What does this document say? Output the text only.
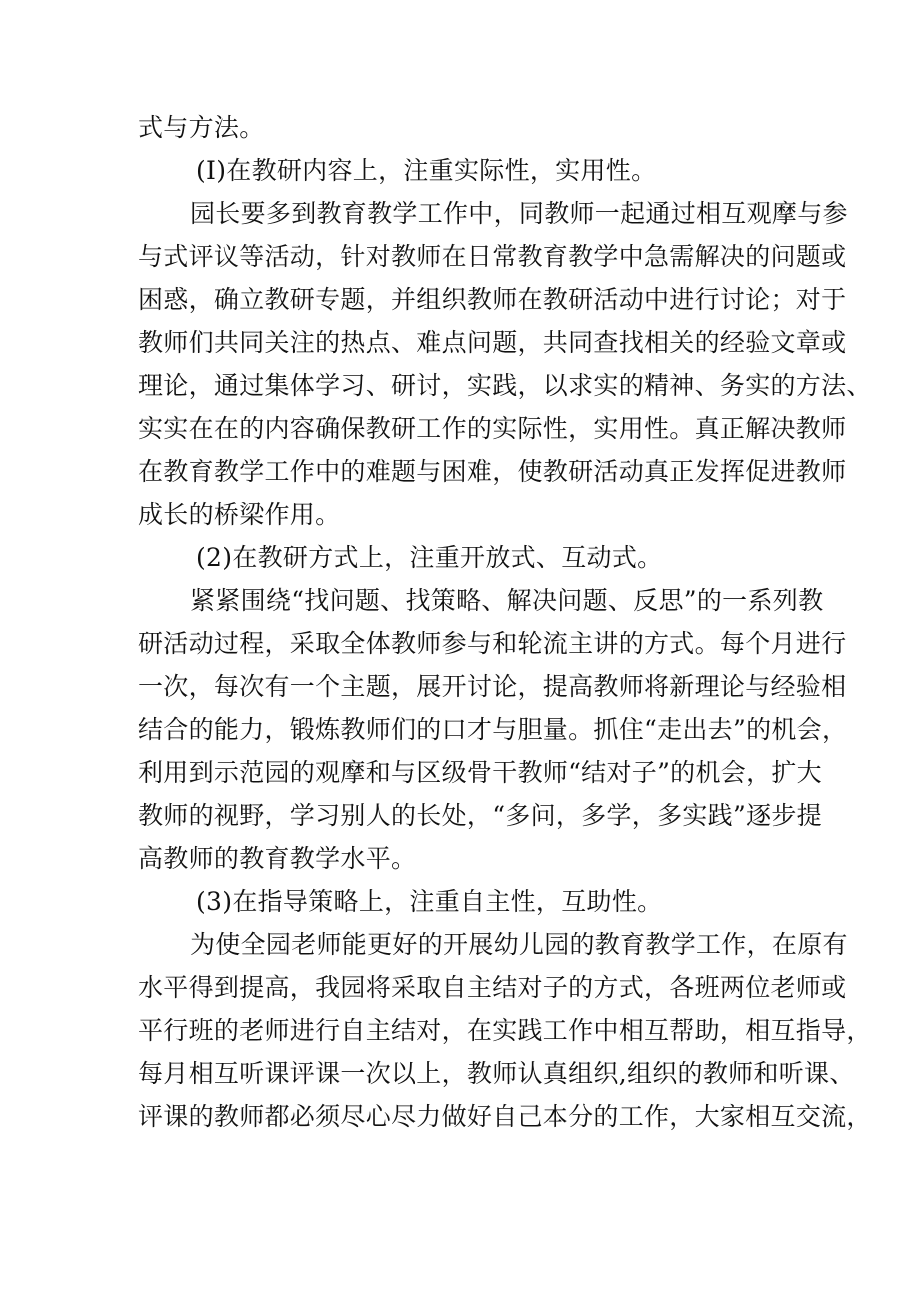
式与方法。
(I)在教研内容上，注重实际性，实用性。
园长要多到教育教学工作中，同教师一起通过相互观摩与参
与式评议等活动，针对教师在日常教育教学中急需解决的问题或
困惑，确立教研专题，并组织教师在教研活动中进行讨论；对于
教师们共同关注的热点、难点问题，共同查找相关的经验文章或
理论，通过集体学习、研讨，实践，以求实的精神、务实的方法、
实实在在的内容确保教研工作的实际性，实用性。真正解决教师
在教育教学工作中的难题与困难，使教研活动真正发挥促进教师
成长的桥梁作用。
(2)在教研方式上，注重开放式、互动式。
紧紧围绕“找问题、找策略、解决问题、反思”的一系列教
研活动过程，采取全体教师参与和轮流主讲的方式。每个月进行
一次，每次有一个主题，展开讨论，提高教师将新理论与经验相
结合的能力，锻炼教师们的口才与胆量。抓住“走出去”的机会，
利用到示范园的观摩和与区级骨干教师“结对子”的机会，扩大
教师的视野，学习别人的长处，“多问，多学，多实践”逐步提
高教师的教育教学水平。
(3)在指导策略上，注重自主性，互助性。
为使全园老师能更好的开展幼儿园的教育教学工作，在原有
水平得到提高，我园将采取自主结对子的方式，各班两位老师或
平行班的老师进行自主结对，在实践工作中相互帮助，相互指导，
每月相互听课评课一次以上，教师认真组织,组织的教师和听课、
评课的教师都必须尽心尽力做好自己本分的工作，大家相互交流，
